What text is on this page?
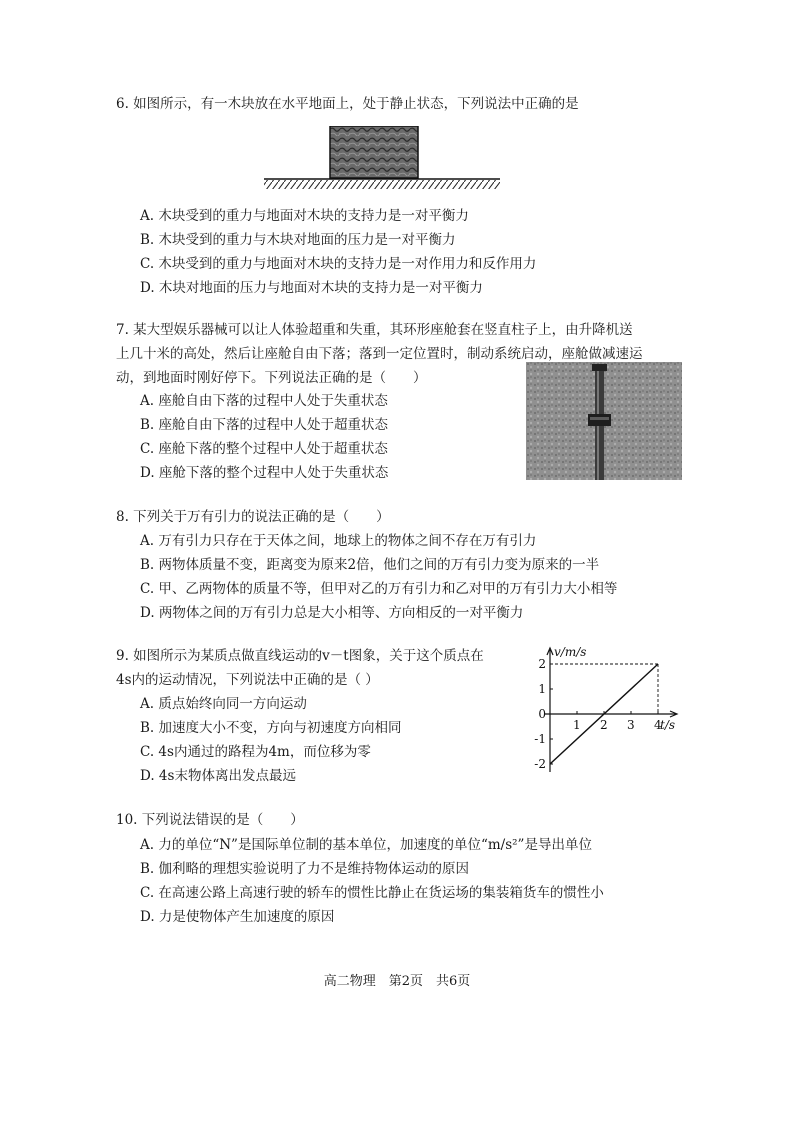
6. 如图所示，有一木块放在水平地面上，处于静止状态，下列说法中正确的是
A. 木块受到的重力与地面对木块的支持力是一对平衡力
B. 木块受到的重力与木块对地面的压力是一对平衡力
C. 木块受到的重力与地面对木块的支持力是一对作用力和反作用力
D. 木块对地面的压力与地面对木块的支持力是一对平衡力
7. 某大型娱乐器械可以让人体验超重和失重，其环形座舱套在竖直柱子上，由升降机送
上几十米的高处，然后让座舱自由下落；落到一定位置时，制动系统启动，座舱做减速运
动，到地面时刚好停下。下列说法正确的是（　　）
A. 座舱自由下落的过程中人处于失重状态
B. 座舱自由下落的过程中人处于超重状态
C. 座舱下落的整个过程中人处于超重状态
D. 座舱下落的整个过程中人处于失重状态
8. 下列关于万有引力的说法正确的是（　　）
A. 万有引力只存在于天体之间，地球上的物体之间不存在万有引力
B. 两物体质量不变，距离变为原来2倍，他们之间的万有引力变为原来的一半
C. 甲、乙两物体的质量不等，但甲对乙的万有引力和乙对甲的万有引力大小相等
D. 两物体之间的万有引力总是大小相等、方向相反的一对平衡力
9. 如图所示为某质点做直线运动的v－t图象，关于这个质点在
4s内的运动情况，下列说法中正确的是（ ）
A. 质点始终向同一方向运动
B. 加速度大小不变，方向与初速度方向相同
C. 4s内通过的路程为4m，而位移为零
D. 4s末物体离出发点最远
v/m/s
t/s
1 2 3 4
2
1
0
-1
-2
10. 下列说法错误的是（　　）
A. 力的单位“N”是国际单位制的基本单位，加速度的单位“m/s²”是导出单位
B. 伽利略的理想实验说明了力不是维持物体运动的原因
C. 在高速公路上高速行驶的轿车的惯性比静止在货运场的集装箱货车的惯性小
D. 力是使物体产生加速度的原因
高二物理　第2页　共6页
